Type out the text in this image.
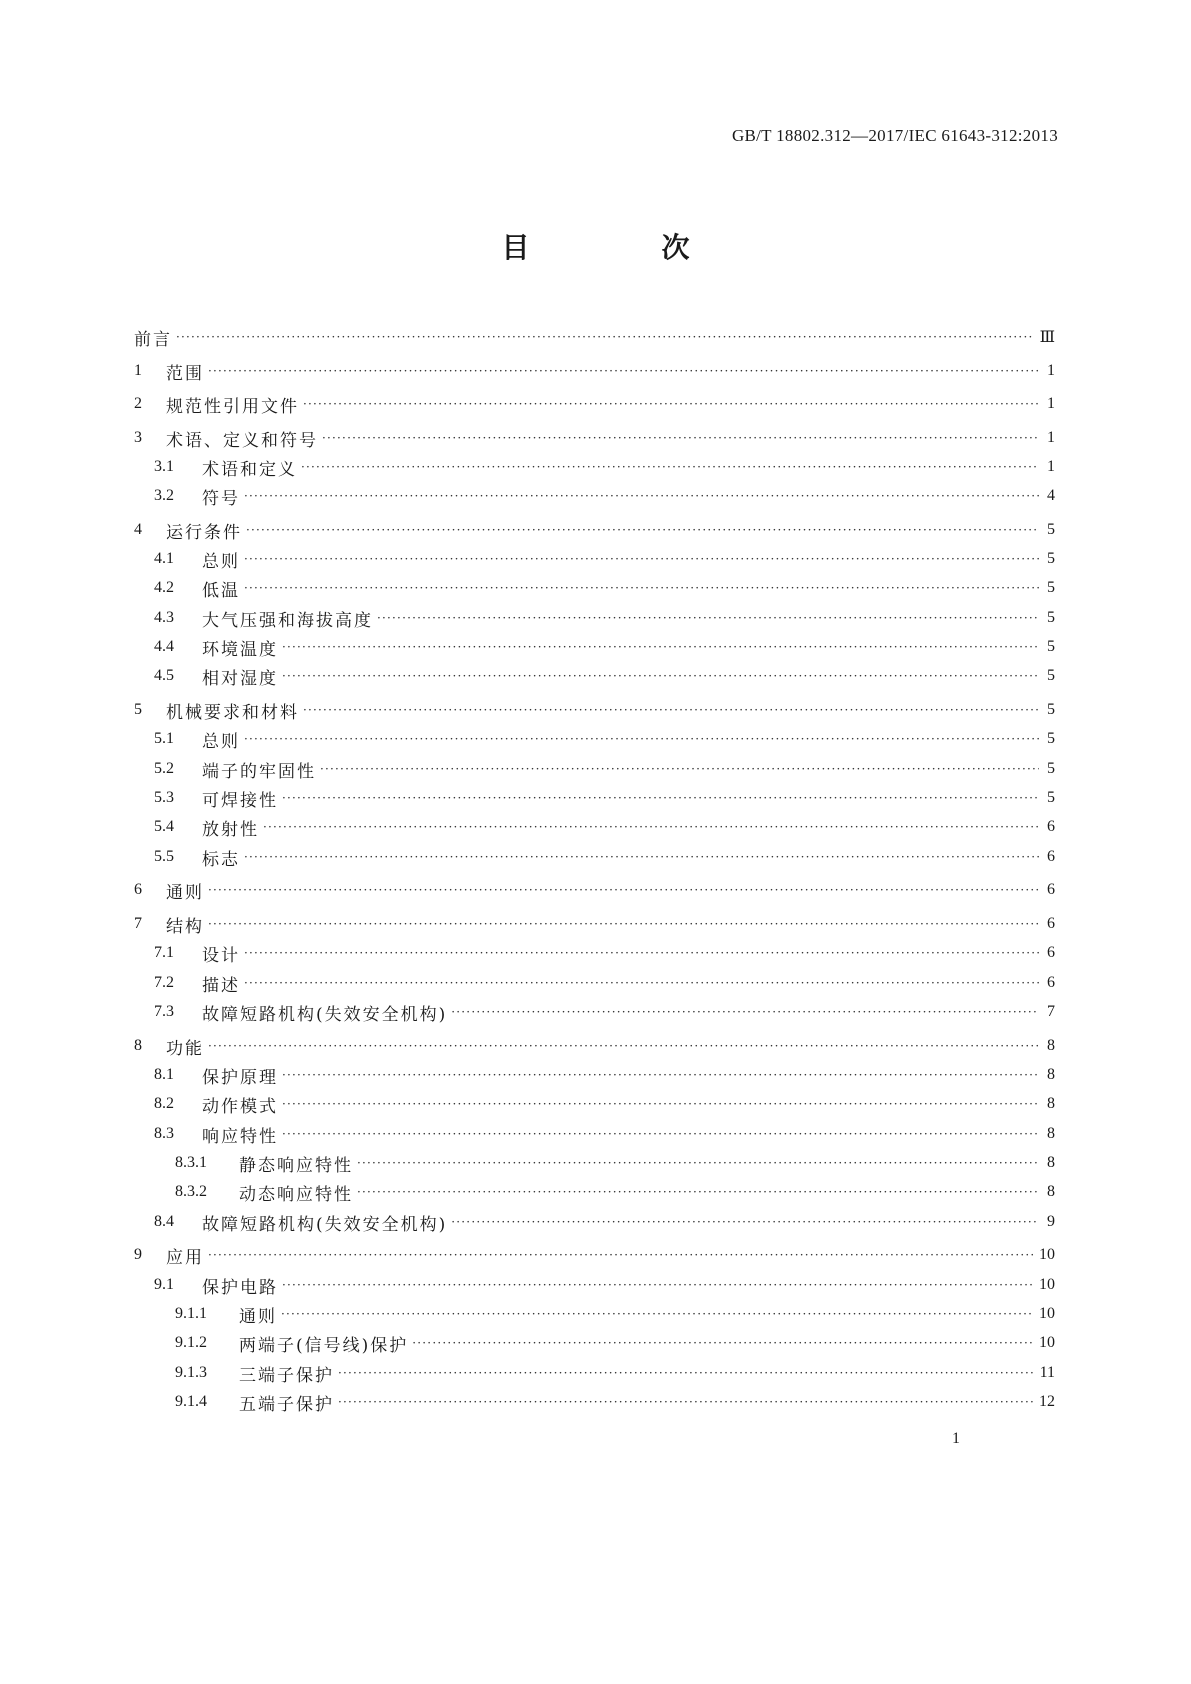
GB/T 18802.312—2017/IEC 61643-312:2013
目　次
前言 ·····	Ⅲ
1	范围 ·····	1
2	规范性引用文件 ·····	1
3	术语、定义和符号 ·····	1
3.1	术语和定义 ·····	1
3.2	符号 ·····	4
4	运行条件 ·····	5
4.1	总则 ·····	5
4.2	低温 ·····	5
4.3	大气压强和海拔高度 ·····	5
4.4	环境温度 ·····	5
4.5	相对湿度 ·····	5
5	机械要求和材料 ·····	5
5.1	总则 ·····	5
5.2	端子的牢固性 ·····	5
5.3	可焊接性 ·····	5
5.4	放射性 ·····	6
5.5	标志 ·····	6
6	通则 ·····	6
7	结构 ·····	6
7.1	设计 ·····	6
7.2	描述 ·····	6
7.3	故障短路机构(失效安全机构) ·····	7
8	功能 ·····	8
8.1	保护原理 ·····	8
8.2	动作模式 ·····	8
8.3	响应特性 ·····	8
8.3.1	静态响应特性 ·····	8
8.3.2	动态响应特性 ·····	8
8.4	故障短路机构(失效安全机构) ·····	9
9	应用 ·····	10
9.1	保护电路 ·····	10
9.1.1	通则 ·····	10
9.1.2	两端子(信号线)保护 ·····	10
9.1.3	三端子保护 ·····	11
9.1.4	五端子保护 ·····	12
1
